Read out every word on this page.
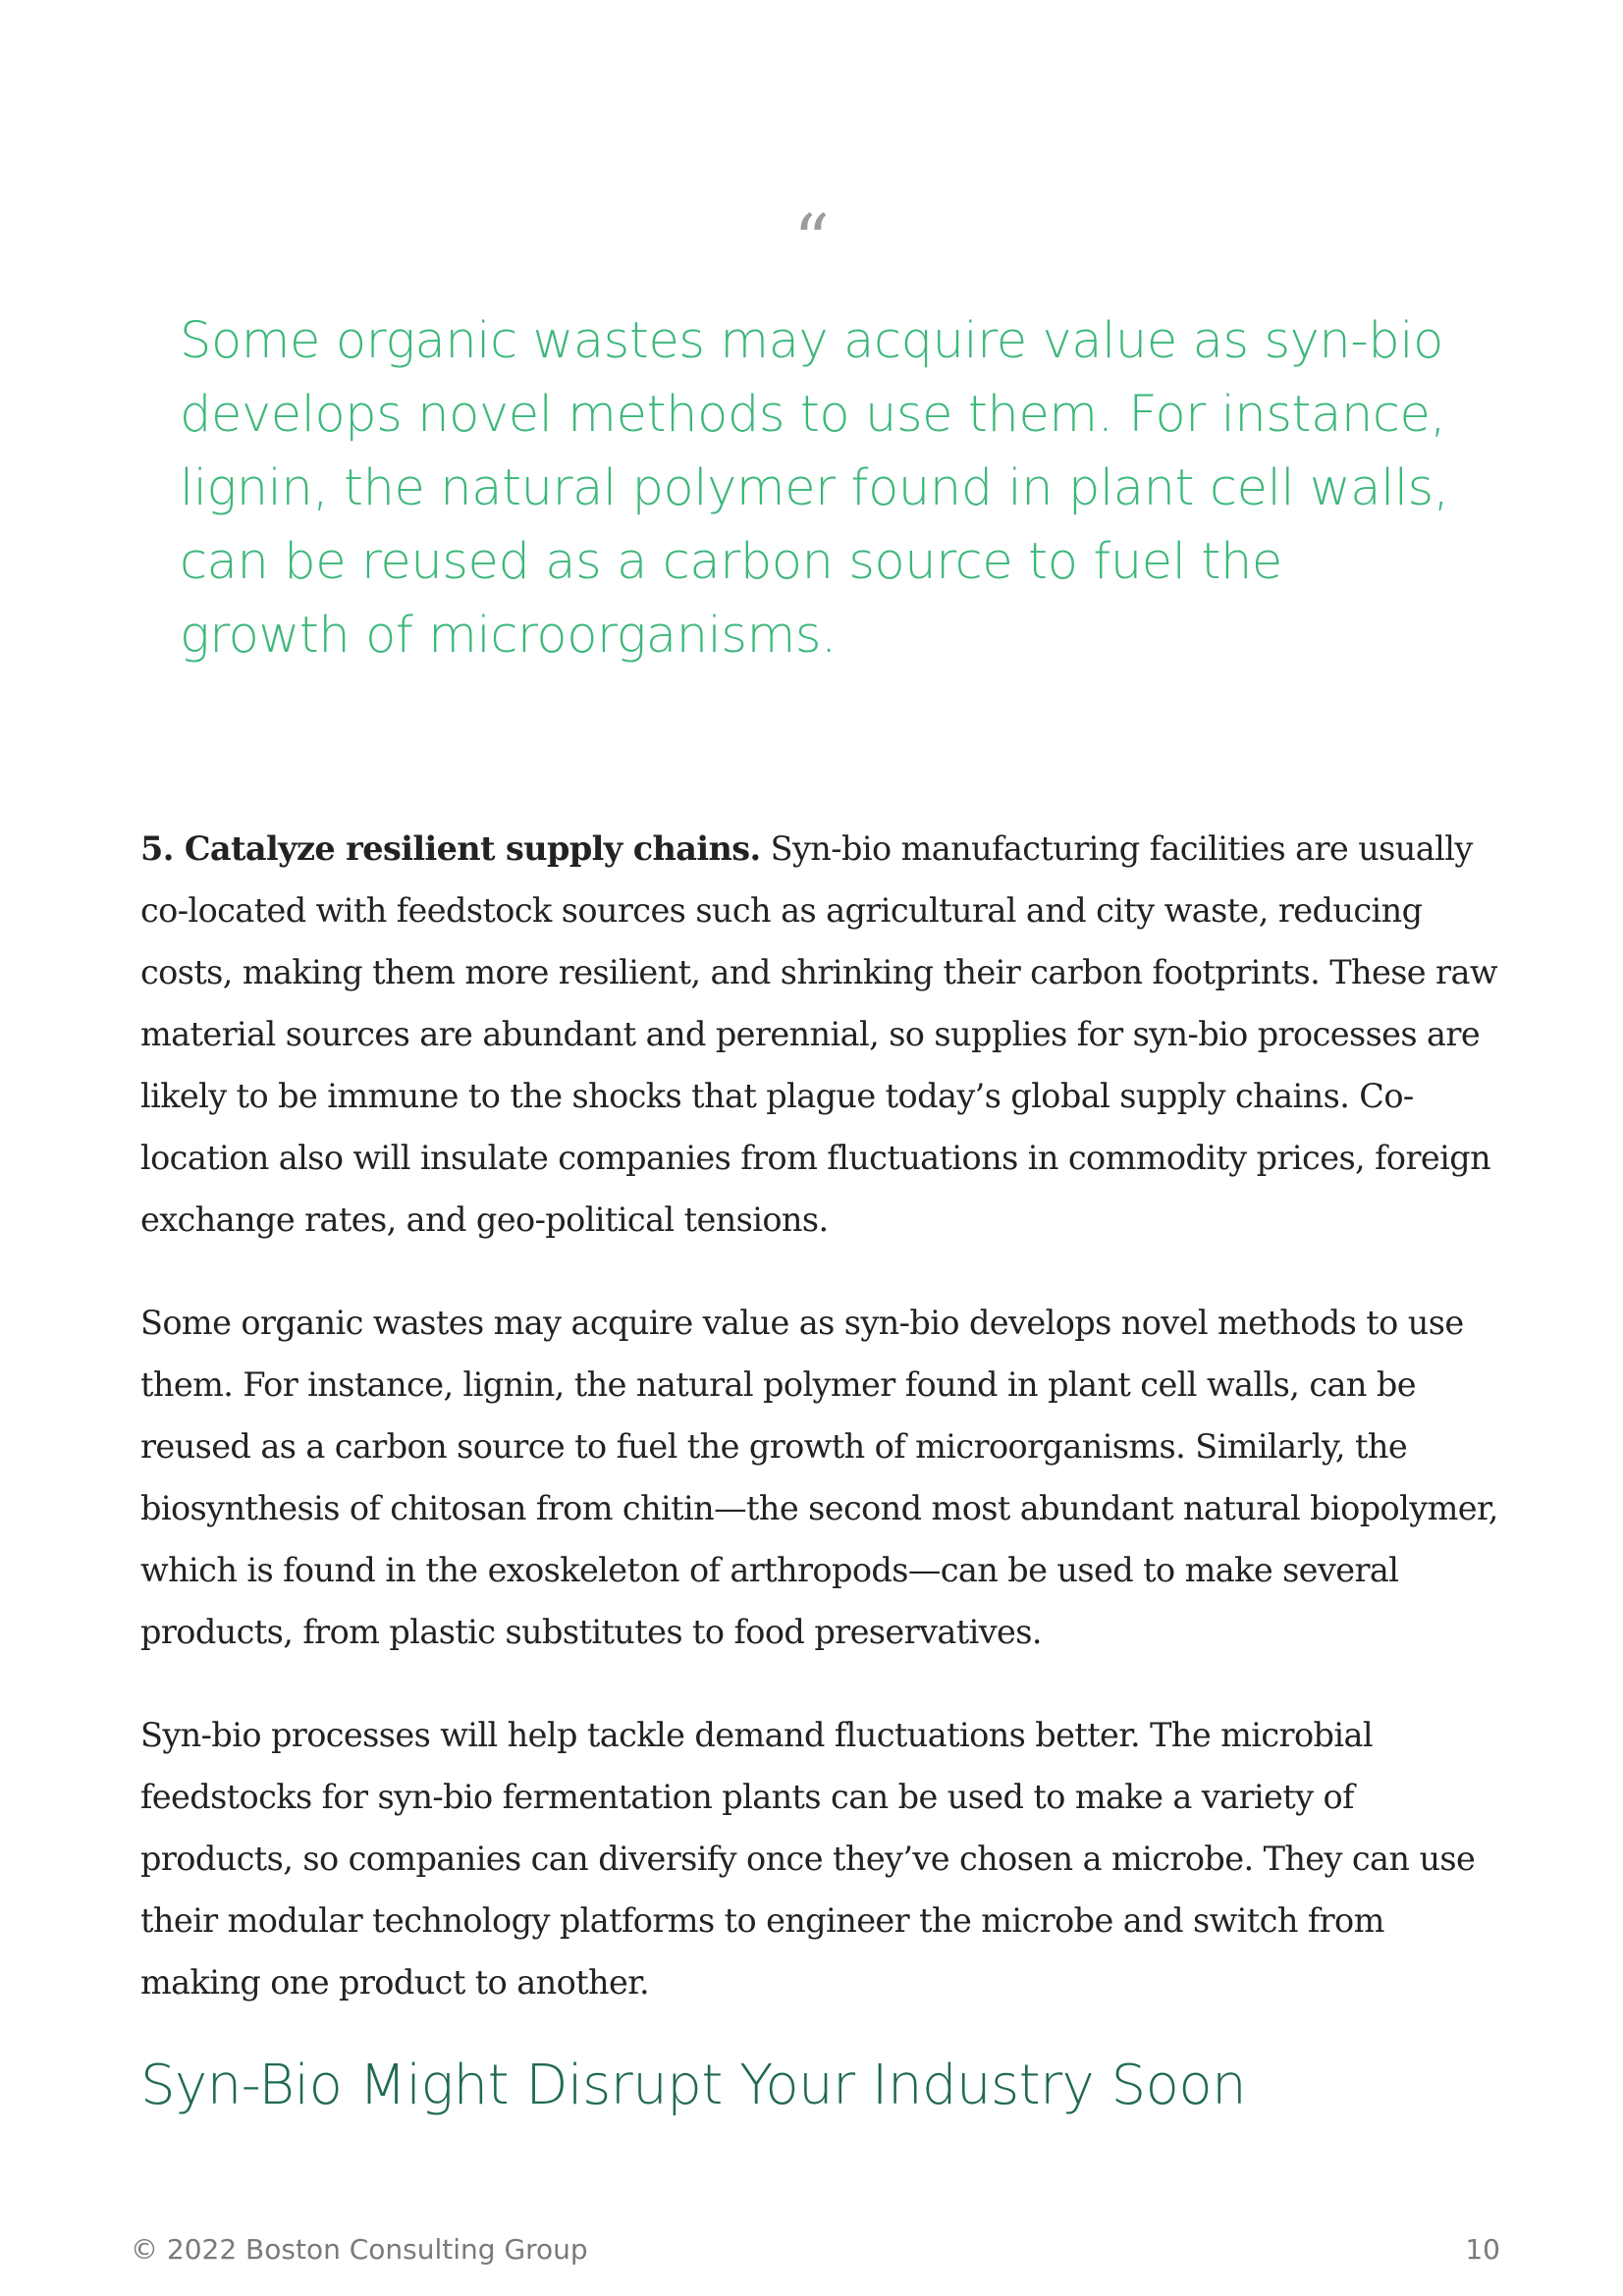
“
Some organic wastes may acquire value as syn-bio develops novel methods to use them. For instance, lignin, the natural polymer found in plant cell walls, can be reused as a carbon source to fuel the growth of microorganisms.

5. Catalyze resilient supply chains. Syn-bio manufacturing facilities are usually co-located with feedstock sources such as agricultural and city waste, reducing costs, making them more resilient, and shrinking their carbon footprints. These raw material sources are abundant and perennial, so supplies for syn-bio processes are likely to be immune to the shocks that plague today’s global supply chains. Co-location also will insulate companies from fluctuations in commodity prices, foreign exchange rates, and geo-political tensions.

Some organic wastes may acquire value as syn-bio develops novel methods to use them. For instance, lignin, the natural polymer found in plant cell walls, can be reused as a carbon source to fuel the growth of microorganisms. Similarly, the biosynthesis of chitosan from chitin—the second most abundant natural biopolymer, which is found in the exoskeleton of arthropods—can be used to make several products, from plastic substitutes to food preservatives.

Syn-bio processes will help tackle demand fluctuations better. The microbial feedstocks for syn-bio fermentation plants can be used to make a variety of products, so companies can diversify once they’ve chosen a microbe. They can use their modular technology platforms to engineer the microbe and switch from making one product to another.

Syn-Bio Might Disrupt Your Industry Soon
© 2022 Boston Consulting Group	10
